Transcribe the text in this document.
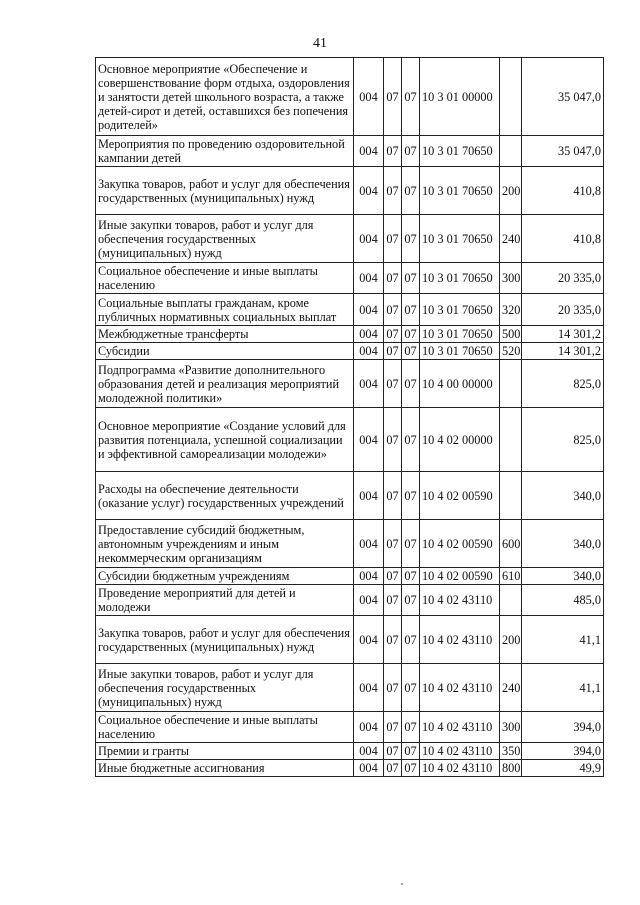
41
Основное мероприятие «Обеспечение и совершенствование форм отдыха, оздоровления и занятости детей школьного возраста, а также детей-сирот и детей, оставшихся без попечения родителей»	004	07	07	10 3 01 00000		35 047,0
Мероприятия по проведению оздоровительной кампании детей	004	07	07	10 3 01 70650		35 047,0
Закупка товаров, работ и услуг для обеспечения государственных (муниципальных) нужд	004	07	07	10 3 01 70650	200	410,8
Иные закупки товаров, работ и услуг для обеспечения государственных (муниципальных) нужд	004	07	07	10 3 01 70650	240	410,8
Социальное обеспечение и иные выплаты населению	004	07	07	10 3 01 70650	300	20 335,0
Социальные выплаты гражданам, кроме публичных нормативных социальных выплат	004	07	07	10 3 01 70650	320	20 335,0
Межбюджетные трансферты	004	07	07	10 3 01 70650	500	14 301,2
Субсидии	004	07	07	10 3 01 70650	520	14 301,2
Подпрограмма «Развитие дополнительного образования детей и реализация мероприятий молодежной политики»	004	07	07	10 4 00 00000		825,0
Основное мероприятие «Создание условий для развития потенциала, успешной социализации и эффективной самореализации молодежи»	004	07	07	10 4 02 00000		825,0
Расходы на обеспечение деятельности (оказание услуг) государственных учреждений	004	07	07	10 4 02 00590		340,0
Предоставление субсидий бюджетным, автономным учреждениям и иным некоммерческим организациям	004	07	07	10 4 02 00590	600	340,0
Субсидии бюджетным учреждениям	004	07	07	10 4 02 00590	610	340,0
Проведение мероприятий для детей и молодежи	004	07	07	10 4 02 43110		485,0
Закупка товаров, работ и услуг для обеспечения государственных (муниципальных) нужд	004	07	07	10 4 02 43110	200	41,1
Иные закупки товаров, работ и услуг для обеспечения государственных (муниципальных) нужд	004	07	07	10 4 02 43110	240	41,1
Социальное обеспечение и иные выплаты населению	004	07	07	10 4 02 43110	300	394,0
Премии и гранты	004	07	07	10 4 02 43110	350	394,0
Иные бюджетные ассигнования	004	07	07	10 4 02 43110	800	49,9
